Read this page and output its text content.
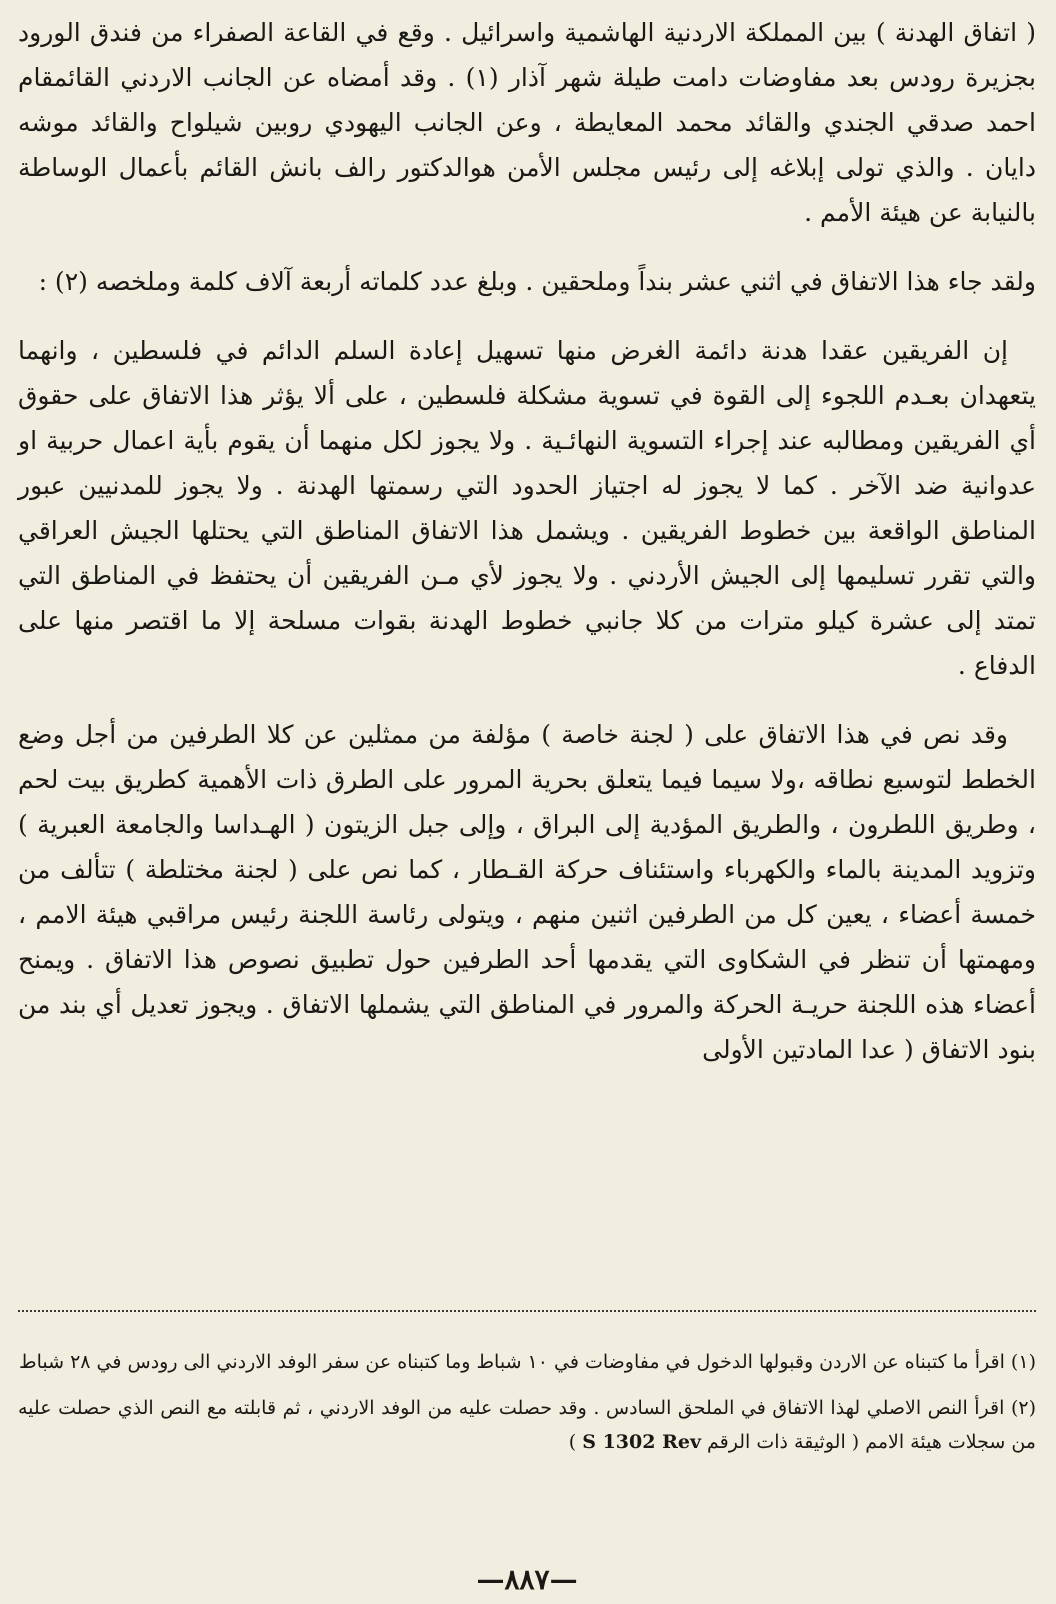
( اتفاق الهدنة ) بين المملكة الاردنية الهاشمية واسرائيل . وقع في القاعة الصفراء من فندق الورود بجزيرة رودس بعد مفاوضات دامت طيلة شهر آذار (١) . وقد أمضاه عن الجانب الاردني القائمقام احمد صدقي الجندي والقائد محمد المعايطة ، وعن الجانب اليهودي روبين شيلواح والقائد موشه دايان . والذي تولى إبلاغه إلى رئيس مجلس الأمن هوالدكتور رالف بانش القائم بأعمال الوساطة بالنيابة عن هيئة الأمم .

ولقد جاء هذا الاتفاق في اثني عشر بنداً وملحقين . وبلغ عدد كلماته أربعة آلاف كلمة وملخصه (٢) :

إن الفريقين عقدا هدنة دائمة الغرض منها تسهيل إعادة السلم الدائم في فلسطين ، وانهما يتعهدان بعـدم اللجوء إلى القوة في تسوية مشكلة فلسطين ، على ألا يؤثر هذا الاتفاق على حقوق أي الفريقين ومطالبه عند إجراء التسوية النهائـية . ولا يجوز لكل منهما أن يقوم بأية اعمال حربية او عدوانية ضد الآخر . كما لا يجوز له اجتياز الحدود التي رسمتها الهدنة . ولا يجوز للمدنيين عبور المناطق الواقعة بين خطوط الفريقين . ويشمل هذا الاتفاق المناطق التي يحتلها الجيش العراقي والتي تقرر تسليمها إلى الجيش الأردني . ولا يجوز لأي مـن الفريقين أن يحتفظ في المناطق التي تمتد إلى عشرة كيلو مترات من كلا جانبي خطوط الهدنة بقوات مسلحة إلا ما اقتصر منها على الدفاع .

وقد نص في هذا الاتفاق على ( لجنة خاصة ) مؤلفة من ممثلين عن كلا الطرفين من أجل وضع الخطط لتوسيع نطاقه ،ولا سيما فيما يتعلق بحرية المرور على الطرق ذات الأهمية كطريق بيت لحم ، وطريق اللطرون ، والطريق المؤدية إلى البراق ، وإلى جبل الزيتون ( الهـداسا والجامعة العبرية ) وتزويد المدينة بالماء والكهرباء واستئناف حركة القـطار ، كما نص على ( لجنة مختلطة ) تتألف من خمسة أعضاء ، يعين كل من الطرفين اثنين منهم ، ويتولى رئاسة اللجنة رئيس مراقبي هيئة الامم ، ومهمتها أن تنظر في الشكاوى التي يقدمها أحد الطرفين حول تطبيق نصوص هذا الاتفاق . ويمنح أعضاء هذه اللجنة حريـة الحركة والمرور في المناطق التي يشملها الاتفاق . ويجوز تعديل أي بند من بنود الاتفاق ( عدا المادتين الأولى

(١) اقرأ ما كتبناه عن الاردن وقبولها الدخول في مفاوضات في ١٠ شباط وما كتبناه عن سفر الوفد الاردني الى رودس في ٢٨ شباط

(٢) اقرأ النص الاصلي لهذا الاتفاق في الملحق السادس . وقد حصلت عليه من الوفد الاردني ، ثم قابلته مع النص الذي حصلت عليه من سجلات هيئة الامم ( الوثيقة ذات الرقم S 1302 Rev )

—٨٨٧—
